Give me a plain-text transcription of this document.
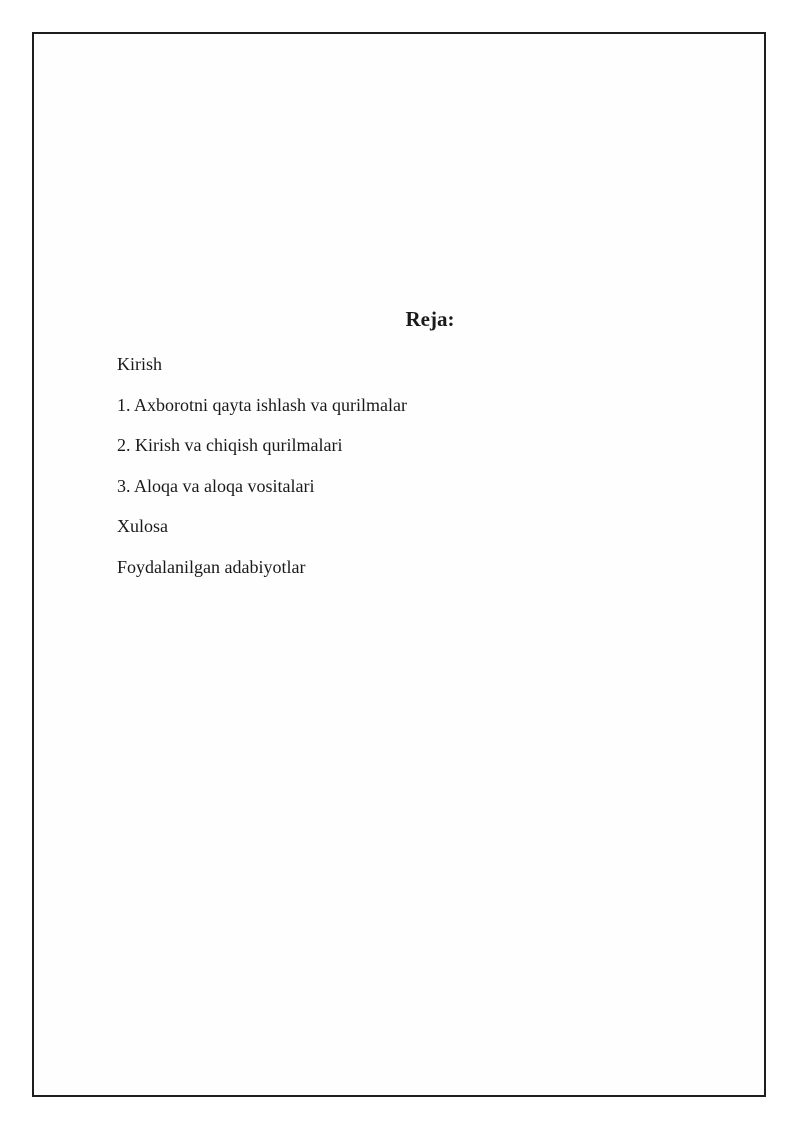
Reja:
Kirish
1. Axborotni qayta ishlash va qurilmalar
2. Kirish va chiqish qurilmalari
3. Aloqa va aloqa vositalari
Xulosa
Foydalanilgan adabiyotlar
